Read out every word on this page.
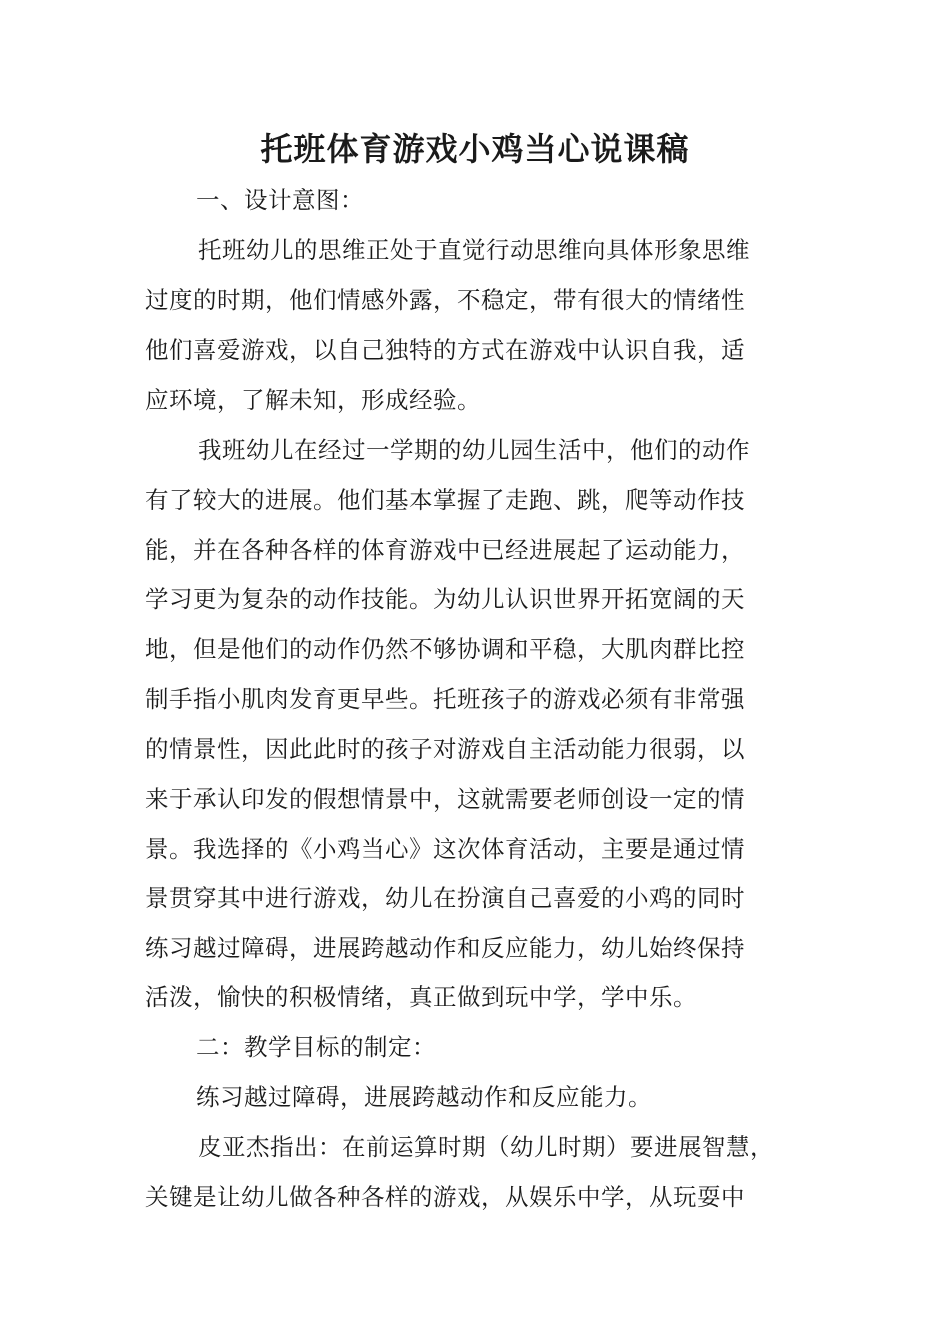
托班体育游戏小鸡当心说课稿

一、设计意图：

托班幼儿的思维正处于直觉行动思维向具体形象思维

过度的时期，他们情感外露，不稳定，带有很大的情绪性

他们喜爱游戏，以自己独特的方式在游戏中认识自我，适

应环境，了解未知，形成经验。

我班幼儿在经过一学期的幼儿园生活中，他们的动作

有了较大的进展。他们基本掌握了走跑、跳，爬等动作技

能，并在各种各样的体育游戏中已经进展起了运动能力，

学习更为复杂的动作技能。为幼儿认识世界开拓宽阔的天

地，但是他们的动作仍然不够协调和平稳，大肌肉群比控

制手指小肌肉发育更早些。托班孩子的游戏必须有非常强

的情景性，因此此时的孩子对游戏自主活动能力很弱，以

来于承认印发的假想情景中，这就需要老师创设一定的情

景。我选择的《小鸡当心》这次体育活动，主要是通过情

景贯穿其中进行游戏，幼儿在扮演自己喜爱的小鸡的同时

练习越过障碍，进展跨越动作和反应能力，幼儿始终保持

活泼，愉快的积极情绪，真正做到玩中学，学中乐。

二：教学目标的制定：

练习越过障碍，进展跨越动作和反应能力。

皮亚杰指出：在前运算时期（幼儿时期）要进展智慧，

关键是让幼儿做各种各样的游戏，从娱乐中学，从玩耍中
